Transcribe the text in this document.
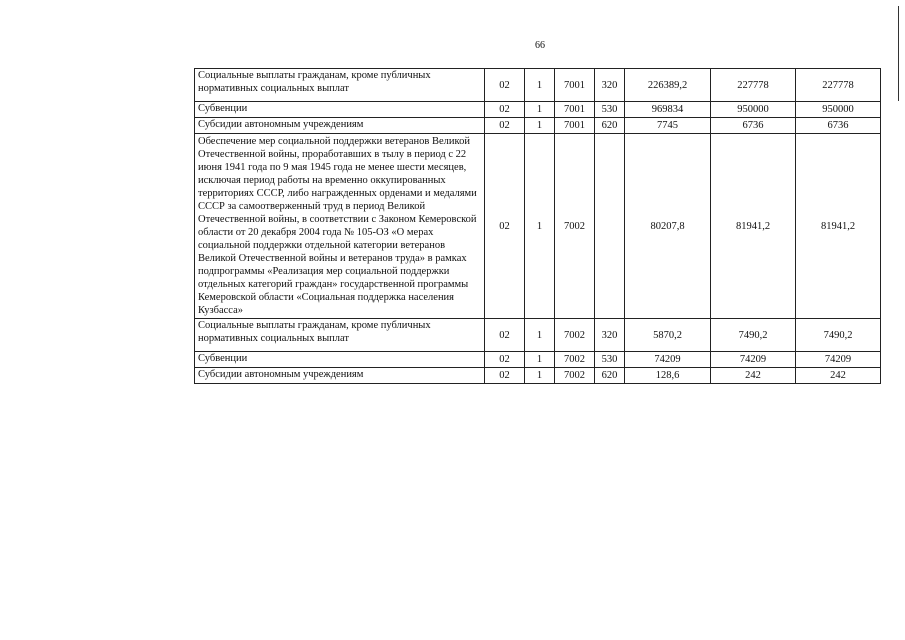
66
Социальные выплаты гражданам, кроме публичных нормативных социальных выплат	02	1	7001	320	226389,2	227778	227778
Субвенции	02	1	7001	530	969834	950000	950000
Субсидии автономным учреждениям	02	1	7001	620	7745	6736	6736
Обеспечение мер социальной поддержки ветеранов Великой Отечественной войны, проработавших в тылу в период с 22 июня 1941 года по 9 мая 1945 года не менее шести месяцев, исключая период работы на временно оккупированных территориях СССР, либо награжденных орденами и медалями СССР за самоотверженный труд в период Великой Отечественной войны, в соответствии с Законом Кемеровской области от 20 декабря 2004 года № 105-ОЗ «О мерах социальной поддержки отдельной категории ветеранов Великой Отечественной войны и ветеранов труда» в рамках подпрограммы «Реализация мер социальной поддержки отдельных категорий граждан» государственной программы Кемеровской области «Социальная поддержка населения Кузбасса»	02	1	7002		80207,8	81941,2	81941,2
Социальные выплаты гражданам, кроме публичных нормативных социальных выплат	02	1	7002	320	5870,2	7490,2	7490,2
Субвенции	02	1	7002	530	74209	74209	74209
Субсидии автономным учреждениям	02	1	7002	620	128,6	242	242
